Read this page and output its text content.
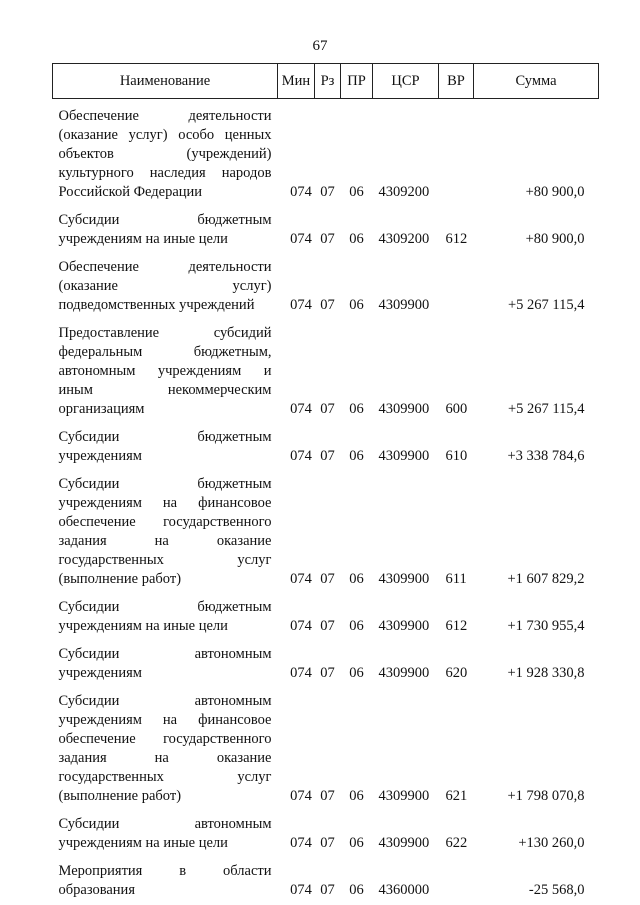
67
Наименование	Мин	Рз	ПР	ЦСР	ВР	Сумма
Обеспечение деятельности (оказание услуг) особо ценных объектов (учреждений) культурного наследия народов Российской Федерации	074	07	06	4309200		+80 900,0
Субсидии бюджетным учреждениям на иные цели	074	07	06	4309200	612	+80 900,0
Обеспечение деятельности (оказание услуг) подведомственных учреждений	074	07	06	4309900		+5 267 115,4
Предоставление субсидий федеральным бюджетным, автономным учреждениям и иным некоммерческим организациям	074	07	06	4309900	600	+5 267 115,4
Субсидии бюджетным учреждениям	074	07	06	4309900	610	+3 338 784,6
Субсидии бюджетным учреждениям на финансовое обеспечение государственного задания на оказание государственных услуг (выполнение работ)	074	07	06	4309900	611	+1 607 829,2
Субсидии бюджетным учреждениям на иные цели	074	07	06	4309900	612	+1 730 955,4
Субсидии автономным учреждениям	074	07	06	4309900	620	+1 928 330,8
Субсидии автономным учреждениям на финансовое обеспечение государственного задания на оказание государственных услуг (выполнение работ)	074	07	06	4309900	621	+1 798 070,8
Субсидии автономным учреждениям на иные цели	074	07	06	4309900	622	+130 260,0
Мероприятия в области образования	074	07	06	4360000		-25 568,0
